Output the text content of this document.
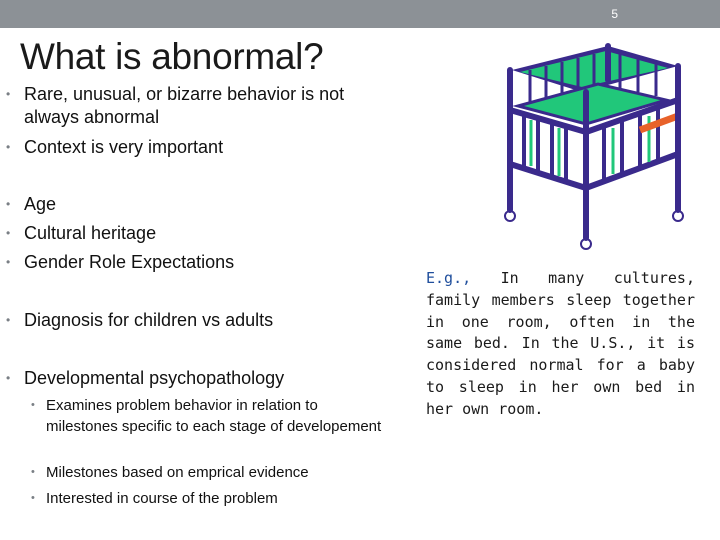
5
What is abnormal?
• Rare, unusual, or bizarre behavior is not always abnormal
• Context is very important
• Age
• Cultural heritage
• Gender Role Expectations
• Diagnosis for children vs adults
• Developmental psychopathology
• Examines problem behavior in relation to milestones specific to each stage of developement
• Milestones based on emprical evidence
• Interested in course of the problem

E.g., In many cultures, family members sleep together in one room, often in the same bed. In the U.S., it is considered normal for a baby to sleep in her own bed in her own room.
